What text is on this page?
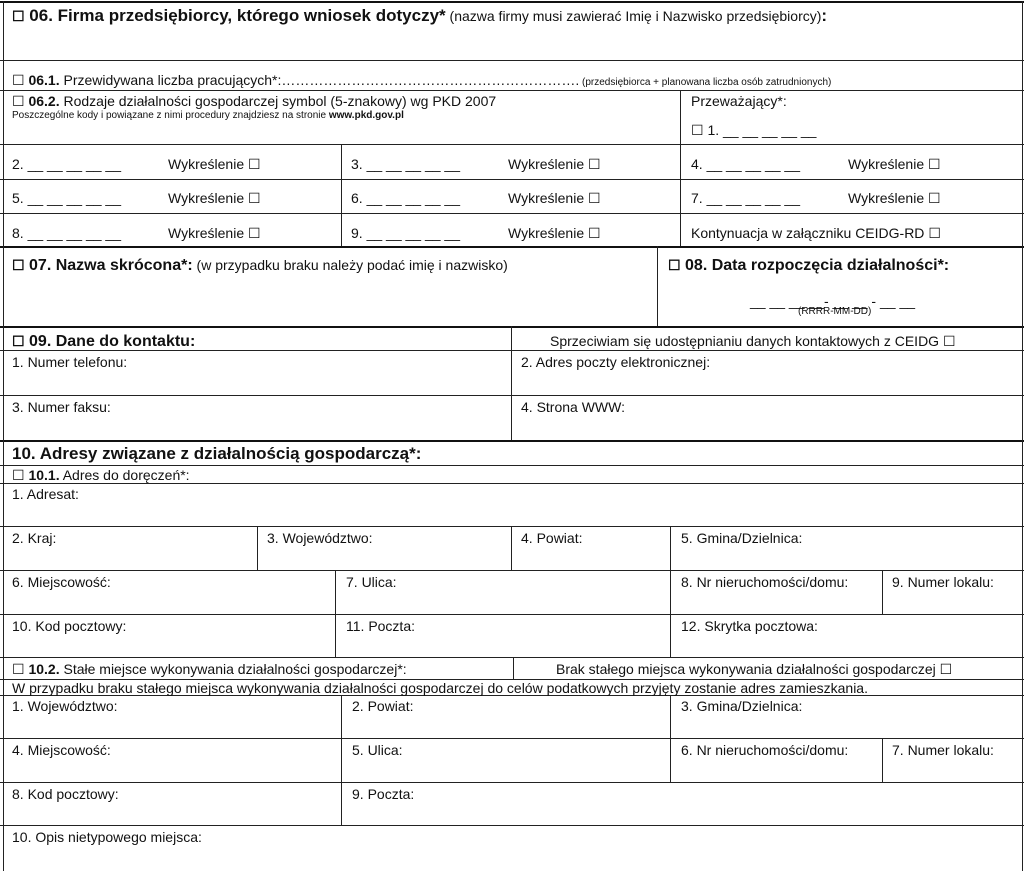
☐ 06. Firma przedsiębiorcy, którego wniosek dotyczy* (nazwa firmy musi zawierać Imię i Nazwisko przedsiębiorcy):
☐ 06.1. Przewidywana liczba pracujących*:………………………………………………………. (przedsiębiorca + planowana liczba osób zatrudnionych)
☐ 06.2. Rodzaje działalności gospodarczej symbol (5-znakowy) wg PKD 2007
Poszczególne kody i powiązane z nimi procedury znajdziesz na stronie www.pkd.gov.pl
Przeważający*:
☐ 1. __ __ __ __ __
2. __ __ __ __ __	Wykreślenie ☐	3. __ __ __ __ __	Wykreślenie ☐	4. __ __ __ __ __	Wykreślenie ☐
5. __ __ __ __ __	Wykreślenie ☐	6. __ __ __ __ __	Wykreślenie ☐	7. __ __ __ __ __	Wykreślenie ☐
8. __ __ __ __ __	Wykreślenie ☐	9. __ __ __ __ __	Wykreślenie ☐	Kontynuacja w załączniku CEIDG-RD ☐
☐ 07. Nazwa skrócona*: (w przypadku braku należy podać imię i nazwisko)	☐ 08. Data rozpoczęcia działalności*:
__ __ __ __- __ __ - __ __
(RRRR-MM-DD)
☐ 09. Dane do kontaktu:	Sprzeciwiam się udostępnianiu danych kontaktowych z CEIDG ☐
1. Numer telefonu:	2. Adres poczty elektronicznej:
3. Numer faksu:	4. Strona WWW:
10. Adresy związane z działalnością gospodarczą*:
☐ 10.1. Adres do doręczeń*:
1. Adresat:
2. Kraj:	3. Województwo:	4. Powiat:	5. Gmina/Dzielnica:
6. Miejscowość:	7. Ulica:	8. Nr nieruchomości/domu:	9. Numer lokalu:
10. Kod pocztowy:	11. Poczta:	12. Skrytka pocztowa:
☐ 10.2. Stałe miejsce wykonywania działalności gospodarczej*:	Brak stałego miejsca wykonywania działalności gospodarczej ☐
W przypadku braku stałego miejsca wykonywania działalności gospodarczej do celów podatkowych przyjęty zostanie adres zamieszkania.
1. Województwo:	2. Powiat:	3. Gmina/Dzielnica:
4. Miejscowość:	5. Ulica:	6. Nr nieruchomości/domu:	7. Numer lokalu:
8. Kod pocztowy:	9. Poczta:
10. Opis nietypowego miejsca:
